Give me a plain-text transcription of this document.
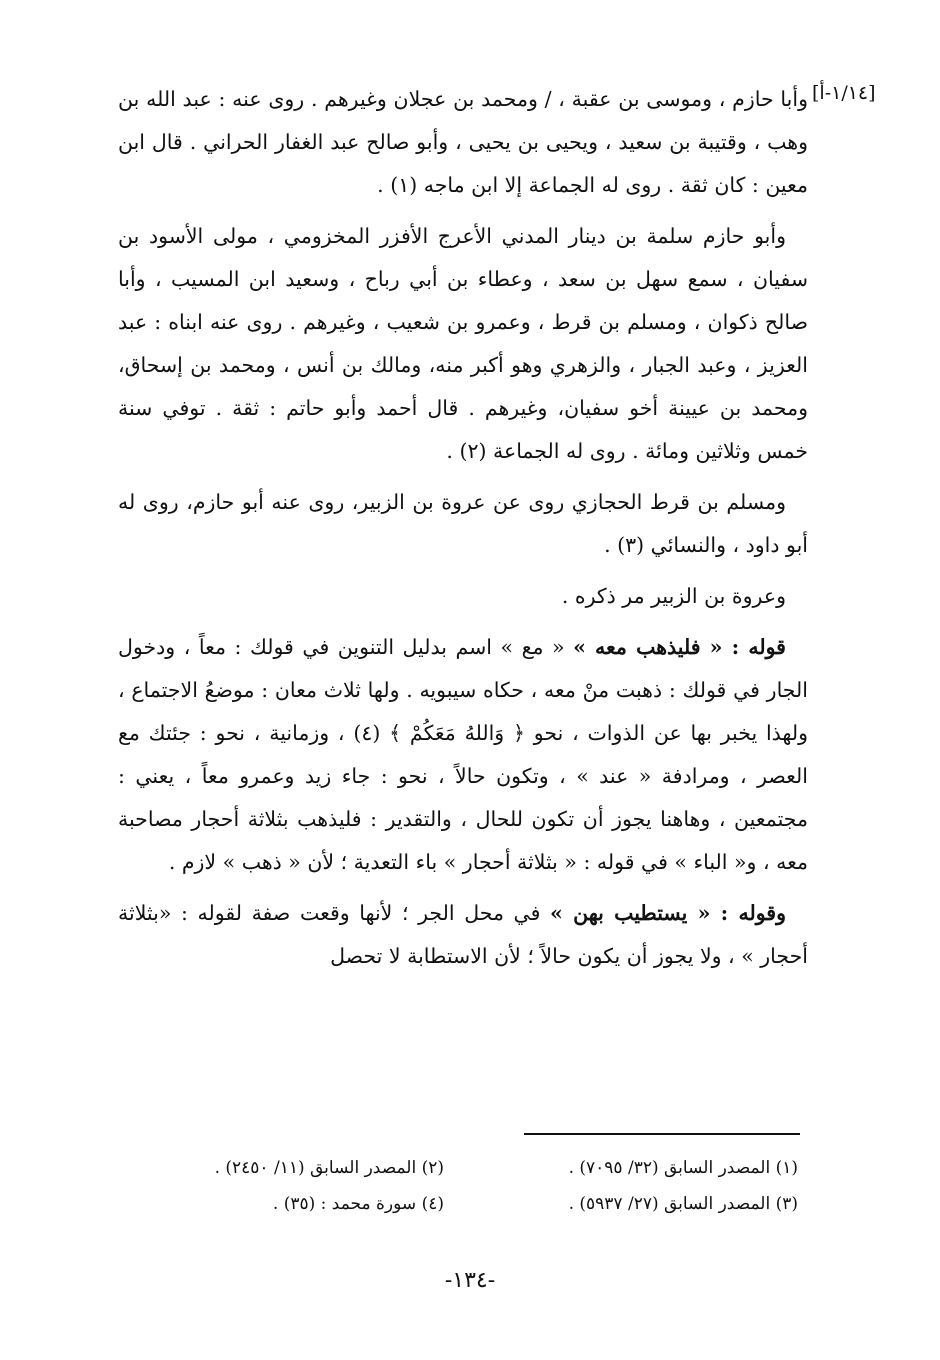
[١/١٤-أ]

وأبا حازم ، وموسى بن عقبة ، / ومحمد بن عجلان وغيرهم . روى عنه : عبد الله بن وهب ، وقتيبة بن سعيد ، ويحيى بن يحيى ، وأبو صالح عبد الغفار الحراني . قال ابن معين : كان ثقة . روى له الجماعة إلا ابن ماجه (١) .

وأبو حازم سلمة بن دينار المدني الأعرج الأفزر المخزومي ، مولى الأسود بن سفيان ، سمع سهل بن سعد ، وعطاء بن أبي رباح ، وسعيد ابن المسيب ، وأبا صالح ذكوان ، ومسلم بن قرط ، وعمرو بن شعيب ، وغيرهم . روى عنه ابناه : عبد العزيز ، وعبد الجبار ، والزهري وهو أكبر منه، ومالك بن أنس ، ومحمد بن إسحاق، ومحمد بن عيينة أخو سفيان، وغيرهم . قال أحمد وأبو حاتم : ثقة . توفي سنة خمس وثلاثين ومائة . روى له الجماعة (٢) .

ومسلم بن قرط الحجازي روى عن عروة بن الزبير، روى عنه أبو حازم، روى له أبو داود ، والنسائي (٣) .

وعروة بن الزبير مر ذكره .

قوله : « فليذهب معه » « مع » اسم بدليل التنوين في قولك : معاً ، ودخول الجار في قولك : ذهبت منْ معه ، حكاه سيبويه . ولها ثلاث معان : موضعُ الاجتماع ، ولهذا يخبر بها عن الذوات ، نحو ﴿ وَاللهُ مَعَكُمْ ﴾ (٤) ، وزمانية ، نحو : جئتك مع العصر ، ومرادفة « عند » ، وتكون حالاً ، نحو : جاء زيد وعمرو معاً ، يعني : مجتمعين ، وهاهنا يجوز أن تكون للحال ، والتقدير : فليذهب بثلاثة أحجار مصاحبة معه ، و« الباء » في قوله : « بثلاثة أحجار » باء التعدية ؛ لأن « ذهب » لازم .

وقوله : « يستطيب بهن » في محل الجر ؛ لأنها وقعت صفة لقوله : «بثلاثة أحجار » ، ولا يجوز أن يكون حالاً ؛ لأن الاستطابة لا تحصل

(١) المصدر السابق (٣٢/ ٧٠٩٥) .
(٢) المصدر السابق (١١/ ٢٤٥٠) .
(٣) المصدر السابق (٢٧/ ٥٩٣٧) .
(٤) سورة محمد : (٣٥) .
-١٣٤-
